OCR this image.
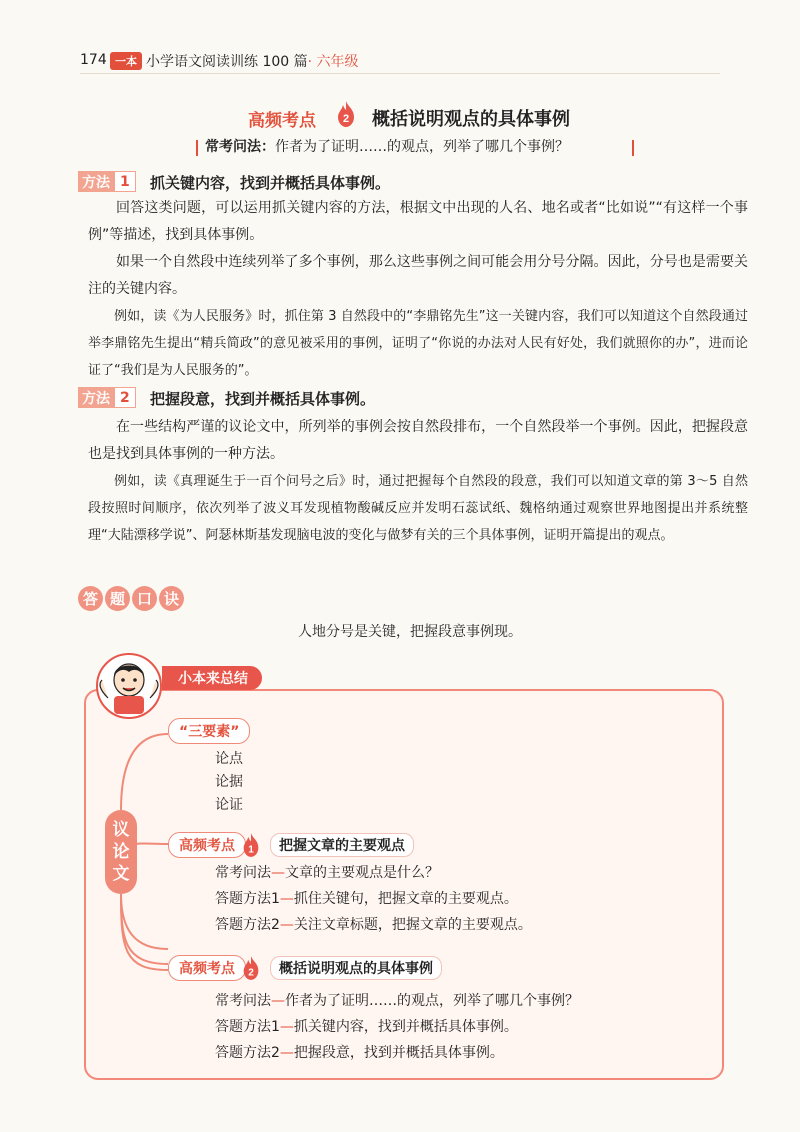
174 一本 小学语文阅读训练 100 篇· 六年级
高频考点 2 概括说明观点的具体事例
常考问法：作者为了证明……的观点，列举了哪几个事例？
方法 1	抓关键内容，找到并概括具体事例。
回答这类问题，可以运用抓关键内容的方法，根据文中出现的人名、地名或者“比如说”“有这样一个事例”等描述，找到具体事例。
如果一个自然段中连续列举了多个事例，那么这些事例之间可能会用分号分隔。因此，分号也是需要关注的关键内容。
例如，读《为人民服务》时，抓住第 3 自然段中的“李鼎铭先生”这一关键内容，我们可以知道这个自然段通过举李鼎铭先生提出“精兵简政”的意见被采用的事例，证明了“你说的办法对人民有好处，我们就照你的办”，进而论证了“我们是为人民服务的”。
方法 2	把握段意，找到并概括具体事例。
在一些结构严谨的议论文中，所列举的事例会按自然段排布，一个自然段举一个事例。因此，把握段意也是找到具体事例的一种方法。
例如，读《真理诞生于一百个问号之后》时，通过把握每个自然段的段意，我们可以知道文章的第 3～5 自然段按照时间顺序，依次列举了波义耳发现植物酸碱反应并发明石蕊试纸、魏格纳通过观察世界地图提出并系统整理“大陆漂移学说”、阿瑟林斯基发现脑电波的变化与做梦有关的三个具体事例，证明开篇提出的观点。
答 题 口 诀
人地分号是关键，把握段意事例现。
小本来总结
议
论
文
“三要素”
论点
论据
论证
高频考点	1	把握文章的主要观点
常考问法—文章的主要观点是什么？
答题方法1—抓住关键句，把握文章的主要观点。
答题方法2—关注文章标题，把握文章的主要观点。
高频考点	2	概括说明观点的具体事例
常考问法—作者为了证明……的观点，列举了哪几个事例？
答题方法1—抓关键内容，找到并概括具体事例。
答题方法2—把握段意，找到并概括具体事例。
